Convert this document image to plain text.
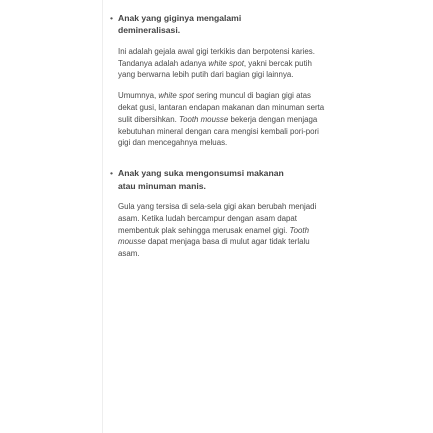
• Anak yang giginya mengalami
demineralisasi.

Ini adalah gejala awal gigi terkikis dan berpotensi karies. Tandanya adalah adanya white spot, yakni bercak putih yang berwarna lebih putih dari bagian gigi lainnya.

Umumnya, white spot sering muncul di bagian gigi atas dekat gusi, lantaran endapan makanan dan minuman serta sulit dibersihkan. Tooth mousse bekerja dengan menjaga kebutuhan mineral dengan cara mengisi kembali pori-pori gigi dan mencegahnya meluas.

• Anak yang suka mengonsumsi makanan
atau minuman manis.

Gula yang tersisa di sela-sela gigi akan berubah menjadi asam. Ketika ludah bercampur dengan asam dapat membentuk plak sehingga merusak enamel gigi. Tooth mousse dapat menjaga basa di mulut agar tidak terlalu asam.
